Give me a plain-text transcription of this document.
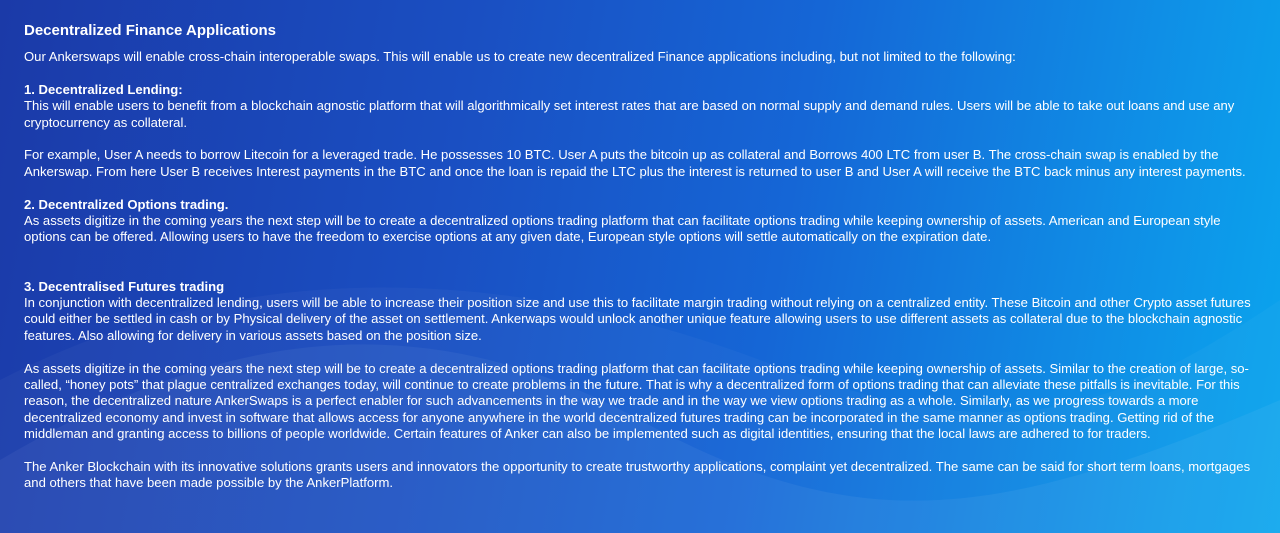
Decentralized Finance Applications

Our Ankerswaps will enable cross-chain interoperable swaps. This will enable us to create new decentralized Finance applications including, but not limited to the following:

1. Decentralized Lending:

This will enable users to benefit from a blockchain agnostic platform that will algorithmically set interest rates that are based on normal supply and demand rules. Users will be able to take out loans and use any cryptocurrency as collateral.

For example, User A needs to borrow Litecoin for a leveraged trade. He possesses 10 BTC. User A puts the bitcoin up as collateral and Borrows 400 LTC from user B. The cross-chain swap is enabled by the Ankerswap. From here User B receives Interest payments in the BTC and once the loan is repaid the LTC plus the interest is returned to user B and User A will receive the BTC back minus any interest payments.

2. Decentralized Options trading.

As assets digitize in the coming years the next step will be to create a decentralized options trading platform that can facilitate options trading while keeping ownership of assets. American and European style options can be offered. Allowing users to have the freedom to exercise options at any given date, European style options will settle automatically on the expiration date.

3. Decentralised Futures trading

In conjunction with decentralized lending, users will be able to increase their position size and use this to facilitate margin trading without relying on a centralized entity. These Bitcoin and other Crypto asset futures could either be settled in cash or by Physical delivery of the asset on settlement. Ankerwaps would unlock another unique feature allowing users to use different assets as collateral due to the blockchain agnostic features. Also allowing for delivery in various assets based on the position size.

As assets digitize in the coming years the next step will be to create a decentralized options trading platform that can facilitate options trading while keeping ownership of assets. Similar to the creation of large, so-called, “honey pots” that plague centralized exchanges today, will continue to create problems in the future. That is why a decentralized form of options trading that can alleviate these pitfalls is inevitable. For this reason, the decentralized nature AnkerSwaps is a perfect enabler for such advancements in the way we trade and in the way we view options trading as a whole. Similarly, as we progress towards a more decentralized economy and invest in software that allows access for anyone anywhere in the world decentralized futures trading can be incorporated in the same manner as options trading. Getting rid of the middleman and granting access to billions of people worldwide. Certain features of Anker can also be implemented such as digital identities, ensuring that the local laws are adhered to for traders.

The Anker Blockchain with its innovative solutions grants users and innovators the opportunity to create trustworthy applications, complaint yet decentralized. The same can be said for short term loans, mortgages and others that have been made possible by the AnkerPlatform.
